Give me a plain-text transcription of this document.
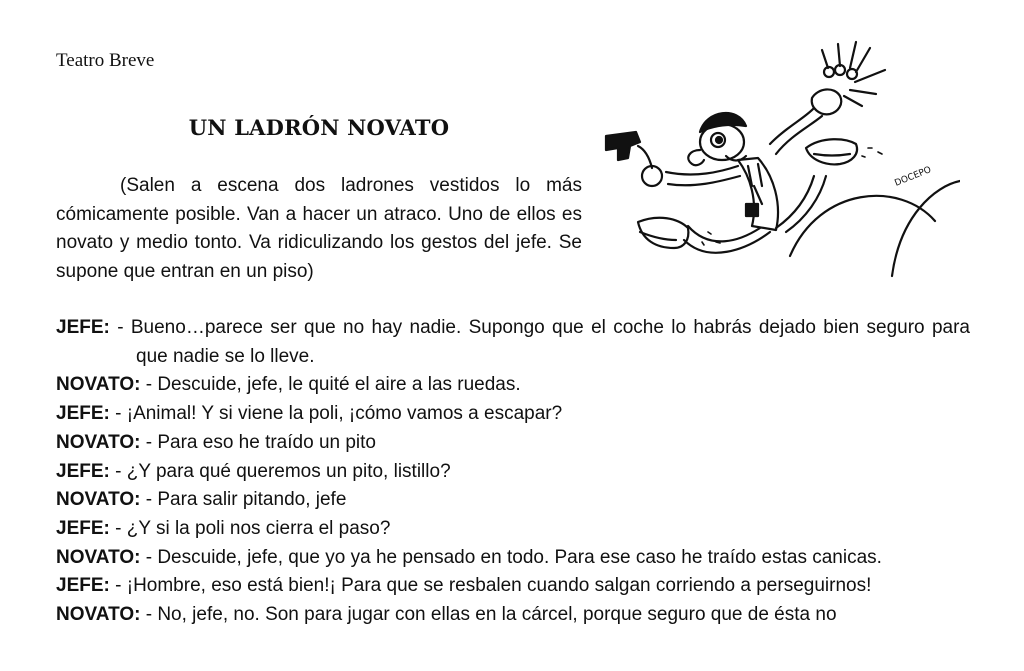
Teatro Breve
UN LADRÓN NOVATO

(Salen a escena dos ladrones vestidos lo más cómicamente posible. Van a hacer un atraco. Uno de ellos es novato y medio tonto. Va ridiculizando los gestos del jefe. Se supone que entran en un piso)

DOCEPO

JEFE: - Bueno…parece ser que no hay nadie. Supongo que el coche lo habrás dejado bien seguro para que nadie se lo lleve.

NOVATO: - Descuide, jefe, le quité el aire a las ruedas.

JEFE: - ¡Animal! Y si viene la poli, ¡cómo vamos a escapar?

NOVATO: - Para eso he traído un pito

JEFE: - ¿Y para qué queremos un pito, listillo?

NOVATO: - Para salir pitando, jefe

JEFE: - ¿Y si la poli nos cierra el paso?

NOVATO: - Descuide, jefe, que yo ya he pensado en todo. Para ese caso he traído estas canicas.

JEFE: - ¡Hombre, eso está bien!¡ Para que se resbalen cuando salgan corriendo a perseguirnos!

NOVATO: - No, jefe, no. Son para jugar con ellas en la cárcel, porque seguro que de ésta no
